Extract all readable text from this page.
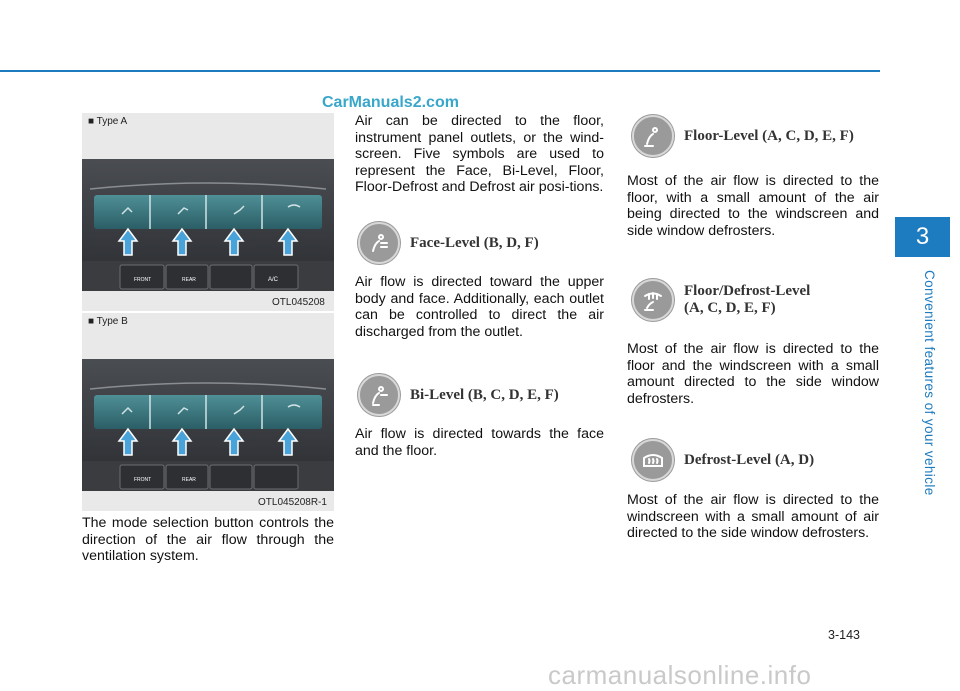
CarManuals2.com
3
Convenient features of your vehicle
■ Type A
FRONT	REAR	A/C
OTL045208
■ Type B
FRONT	REAR
OTL045208R-1
The mode selection button controls the direction of the air flow through the ventilation system.
Air can be directed to the floor, instrument panel outlets, or the wind-screen. Five symbols are used to represent the Face, Bi-Level, Floor, Floor-Defrost and Defrost air posi-tions.
Face-Level (B, D, F)
Air flow is directed toward the upper body and face. Additionally, each outlet can be controlled to direct the air discharged from the outlet.
Bi-Level (B, C, D, E, F)
Air flow is directed towards the face and the floor.
Floor-Level (A, C, D, E, F)
Most of the air flow is directed to the floor, with a small amount of the air being directed to the windscreen and side window defrosters.
Floor/Defrost-Level
(A, C, D, E, F)
Most of the air flow is directed to the floor and the windscreen with a small amount directed to the side window defrosters.
Defrost-Level (A, D)
Most of the air flow is directed to the windscreen with a small amount of air directed to the side window defrosters.
3-143
carmanualsonline.info
